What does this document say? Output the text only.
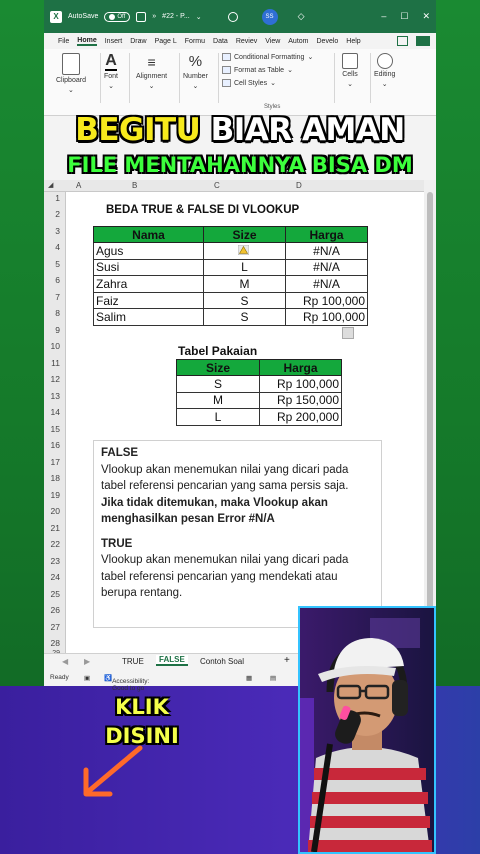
X	AutoSave	Off	» #22 - P... ⌄	SS	◇	– ☐ ✕
File Home Insert Draw Page L Formu Data Reviev View Autom Develo Help
Clipboard
⌄
A
Font
⌄
≡
Alignment
⌄
%
Number
⌄
Conditional Formatting ⌄
Format as Table ⌄
Cell Styles ⌄
Styles
Cells
⌄
Editing
⌄
BEGITU BIAR AMAN
FILE MENTAHANNYA BISA DM
◢	A	B	C	D
1
2
3
4
5
6
7
8
9
10
11
12
13
14
15
16
17
18
19
20
21
22
23
24
25
26
27
28
BEDA TRUE & FALSE DI VLOOKUP
Nama	Size	Harga
Agus		#N/A
Susi	L	#N/A
Zahra	M	#N/A
Faiz	S	Rp 100,000
Salim	S	Rp 100,000
Tabel Pakaian
Size	Harga
S	Rp 100,000
M	Rp 150,000
L	Rp 200,000

FALSE

Vlookup akan menemukan nilai yang dicari pada tabel referensi pencarian yang sama persis saja.

Jika tidak ditemukan, maka Vlookup akan menghasilkan pesan Error #N/A

TRUE

Vlookup akan menemukan nilai yang dicari pada tabel referensi pencarian yang mendekati atau berupa rentang.

◀ ▶	TRUE	FALSE	Contoh Soal	+
Ready ▣ ♿ Accessibility: Good to go
▦	▤
KLIK
DISINI
